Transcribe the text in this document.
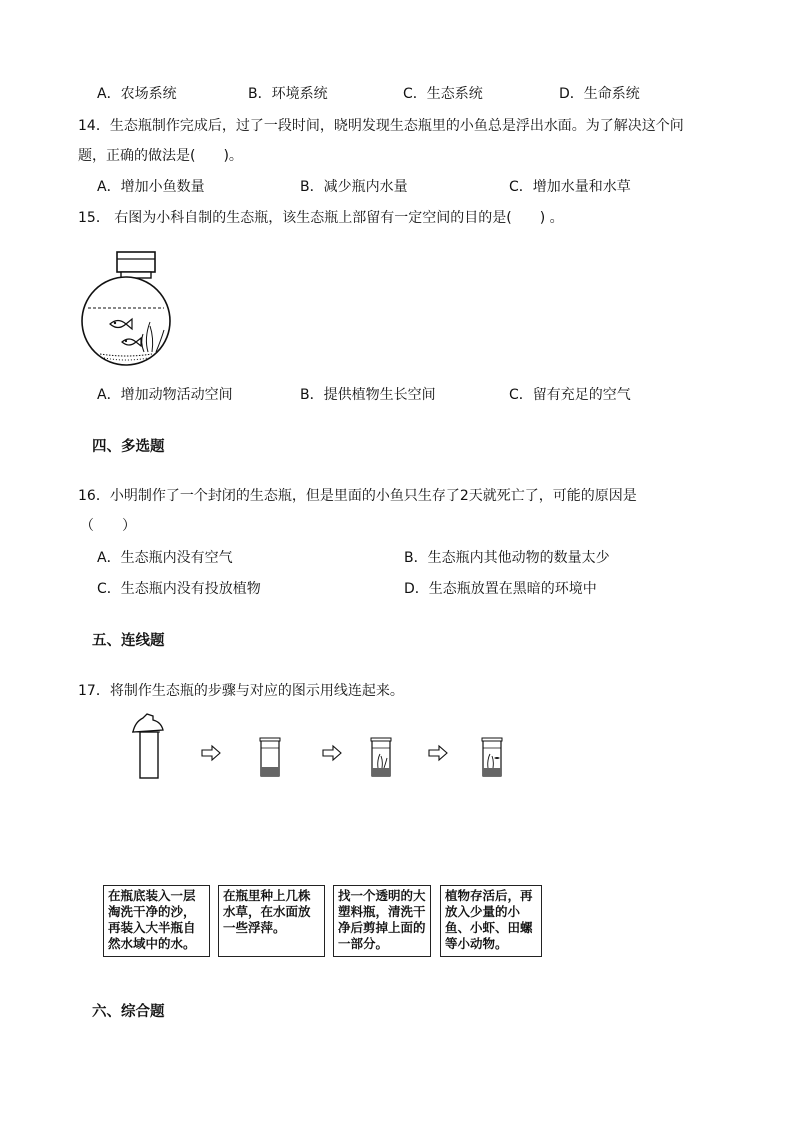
A．农场系统	B．环境系统	C．生态系统	D．生命系统
14．生态瓶制作完成后，过了一段时间，晓明发现生态瓶里的小鱼总是浮出水面。为了解决这个问
题，正确的做法是(　　)。
A．增加小鱼数量	B．减少瓶内水量	C．增加水量和水草
15． 右图为小科自制的生态瓶，该生态瓶上部留有一定空间的目的是(　　) 。
A．增加动物活动空间	B．提供植物生长空间	C．留有充足的空气
四、多选题
16．小明制作了一个封闭的生态瓶，但是里面的小鱼只生存了2天就死亡了，可能的原因是
（　　）
A．生态瓶内没有空气	B．生态瓶内其他动物的数量太少
C．生态瓶内没有投放植物	D．生态瓶放置在黑暗的环境中
五、连线题
17．将制作生态瓶的步骤与对应的图示用线连起来。
在瓶底装入一层淘洗干净的沙，再装入大半瓶自然水域中的水。
在瓶里种上几株水草，在水面放一些浮萍。
找一个透明的大塑料瓶，清洗干净后剪掉上面的一部分。
植物存活后，再放入少量的小鱼、小虾、田螺等小动物。
六、综合题
